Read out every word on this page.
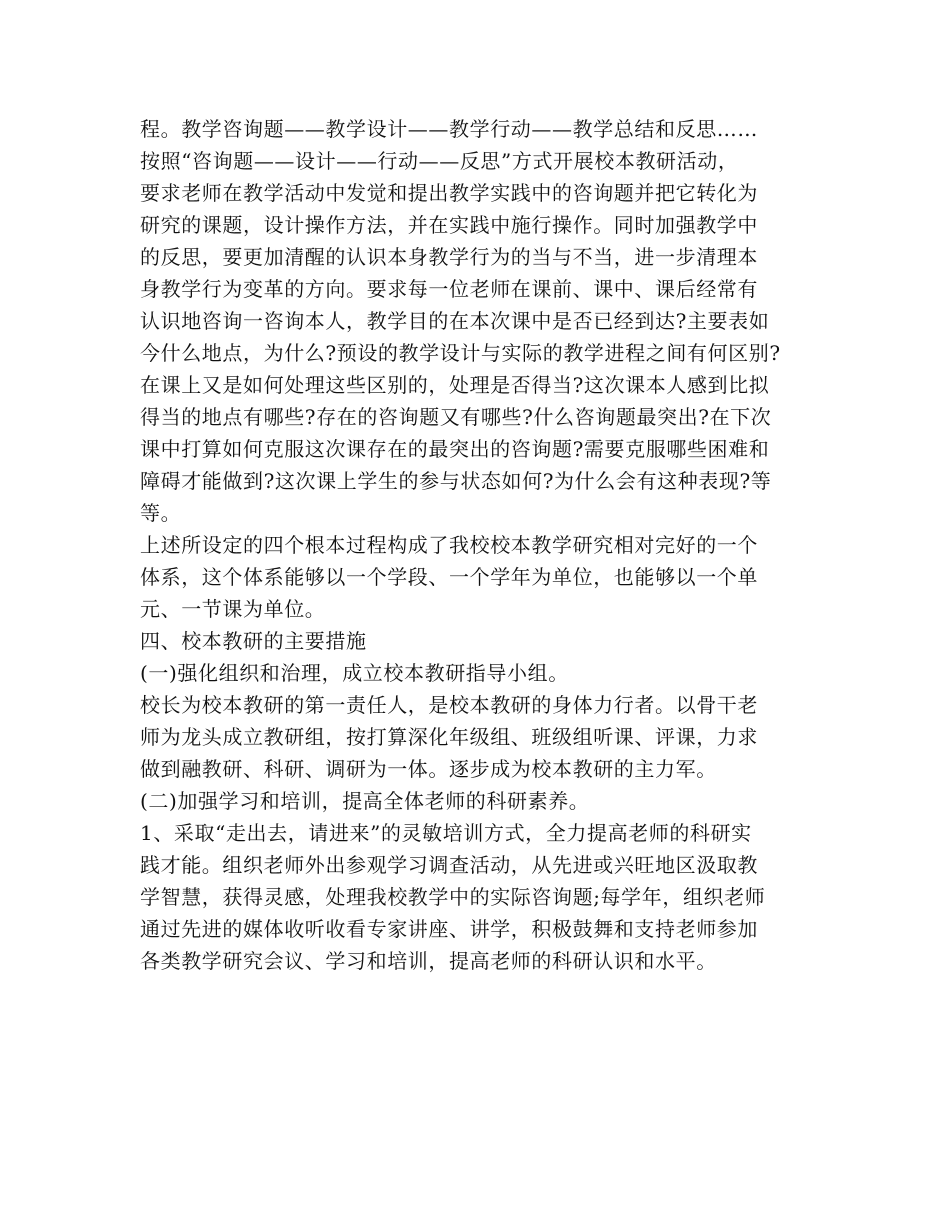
程。教学咨询题——教学设计——教学行动——教学总结和反思……
按照“咨询题——设计——行动——反思”方式开展校本教研活动，
要求老师在教学活动中发觉和提出教学实践中的咨询题并把它转化为
研究的课题，设计操作方法，并在实践中施行操作。同时加强教学中
的反思，要更加清醒的认识本身教学行为的当与不当，进一步清理本
身教学行为变革的方向。要求每一位老师在课前、课中、课后经常有
认识地咨询一咨询本人，教学目的在本次课中是否已经到达?主要表如
今什么地点，为什么?预设的教学设计与实际的教学进程之间有何区别?
在课上又是如何处理这些区别的，处理是否得当?这次课本人感到比拟
得当的地点有哪些?存在的咨询题又有哪些?什么咨询题最突出?在下次
课中打算如何克服这次课存在的最突出的咨询题?需要克服哪些困难和
障碍才能做到?这次课上学生的参与状态如何?为什么会有这种表现?等
等。
上述所设定的四个根本过程构成了我校校本教学研究相对完好的一个
体系，这个体系能够以一个学段、一个学年为单位，也能够以一个单
元、一节课为单位。
四、校本教研的主要措施
(一)强化组织和治理，成立校本教研指导小组。
校长为校本教研的第一责任人，是校本教研的身体力行者。以骨干老
师为龙头成立教研组，按打算深化年级组、班级组听课、评课，力求
做到融教研、科研、调研为一体。逐步成为校本教研的主力军。
(二)加强学习和培训，提高全体老师的科研素养。
1、采取“走出去，请进来”的灵敏培训方式，全力提高老师的科研实
践才能。组织老师外出参观学习调查活动，从先进或兴旺地区汲取教
学智慧，获得灵感，处理我校教学中的实际咨询题;每学年，组织老师
通过先进的媒体收听收看专家讲座、讲学，积极鼓舞和支持老师参加
各类教学研究会议、学习和培训，提高老师的科研认识和水平。
